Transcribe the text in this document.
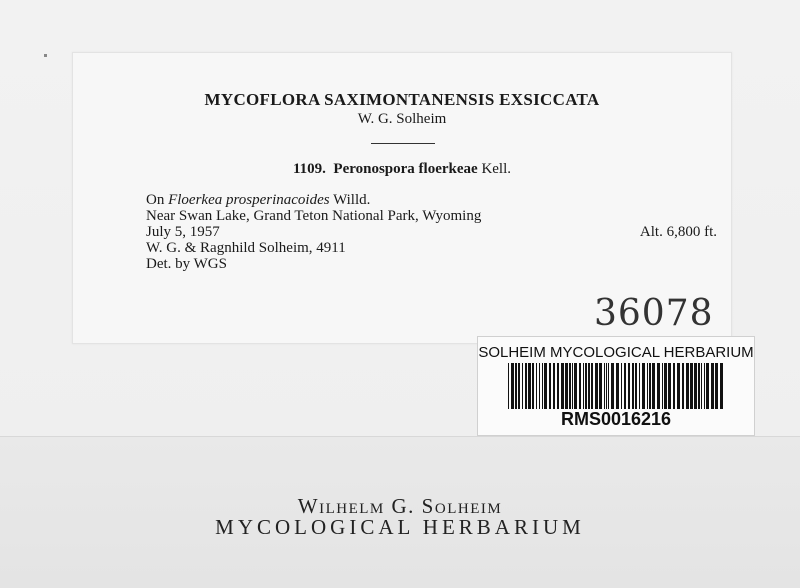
MYCOFLORA SAXIMONTANENSIS EXSICCATA
W. G. Solheim
1109. Peronospora floerkeae Kell.
On Floerkea prosperinacoides Willd.
Near Swan Lake, Grand Teton National Park, Wyoming
July 5, 1957	Alt. 6,800 ft.
W. G. & Ragnhild Solheim, 4911
Det. by WGS
36078
SOLHEIM MYCOLOGICAL HERBARIUM
RMS0016216
Wilhelm G. Solheim
MYCOLOGICAL HERBARIUM
